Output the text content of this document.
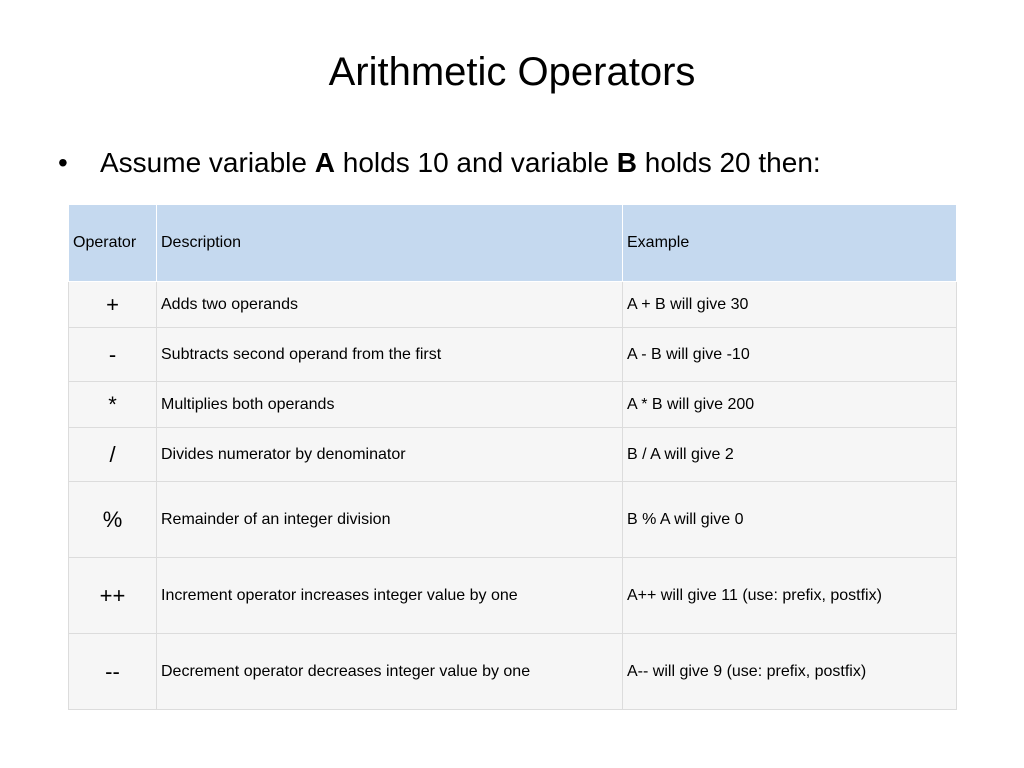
Arithmetic Operators
• Assume variable A holds 10 and variable B holds 20 then:
Operator	Description	Example
+	Adds two operands	A + B will give 30
-	Subtracts second operand from the first	A - B will give -10
*	Multiplies both operands	A * B will give 200
/	Divides numerator by denominator	B / A will give 2
%	Remainder of an integer division	B % A will give 0
++	Increment operator increases integer value by one	A++ will give 11 (use: prefix, postfix)
--	Decrement operator decreases integer value by one	A-- will give 9 (use: prefix, postfix)
